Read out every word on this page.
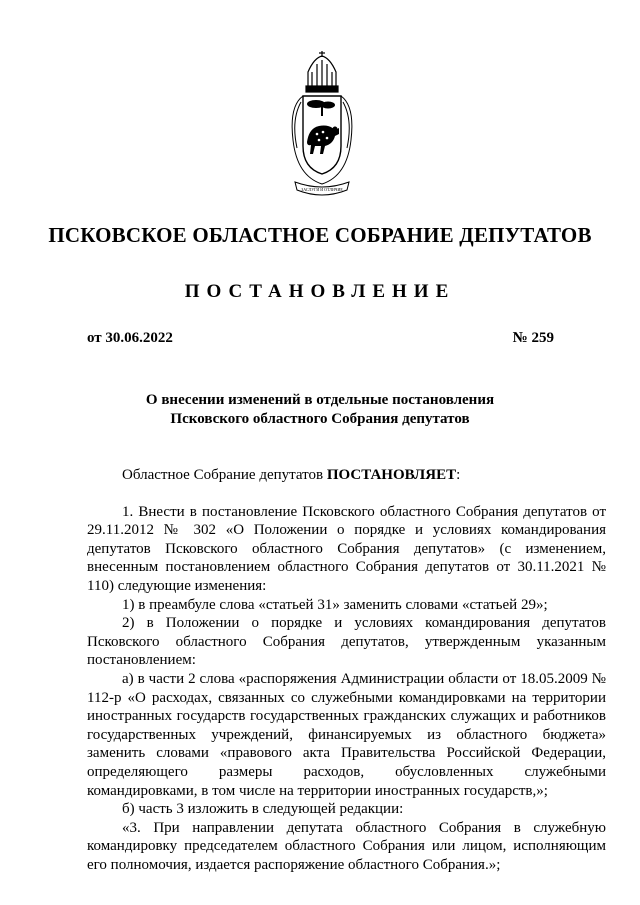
ЗАСЛУГИ И ОТЛИЧИЕ
ПСКОВСКОЕ ОБЛАСТНОЕ СОБРАНИЕ ДЕПУТАТОВ
ПОСТАНОВЛЕНИЕ
от 30.06.2022	№ 259
О внесении изменений в отдельные постановления
Псковского областного Собрания депутатов

Областное Собрание депутатов ПОСТАНОВЛЯЕТ:

1. Внести в постановление Псковского областного Собрания депутатов от 29.11.2012 № 302 «О Положении о порядке и условиях командирования депутатов Псковского областного Собрания депутатов» (с изменением, внесенным постановлением областного Собрания депутатов от 30.11.2021 № 110) следующие изменения:

1) в преамбуле слова «статьей 31» заменить словами «статьей 29»;

2) в Положении о порядке и условиях командирования депутатов Псковского областного Собрания депутатов, утвержденным указанным постановлением:

а) в части 2 слова «распоряжения Администрации области от 18.05.2009 № 112-р «О расходах, связанных со служебными командировками на территории иностранных государств государственных гражданских служащих и работников государственных учреждений, финансируемых из областного бюджета» заменить словами «правового акта Правительства Российской Федерации, определяющего размеры расходов, обусловленных служебными командировками, в том числе на территории иностранных государств,»;

б) часть 3 изложить в следующей редакции:

«3. При направлении депутата областного Собрания в служебную командировку председателем областного Собрания или лицом, исполняющим его полномочия, издается распоряжение областного Собрания.»;
